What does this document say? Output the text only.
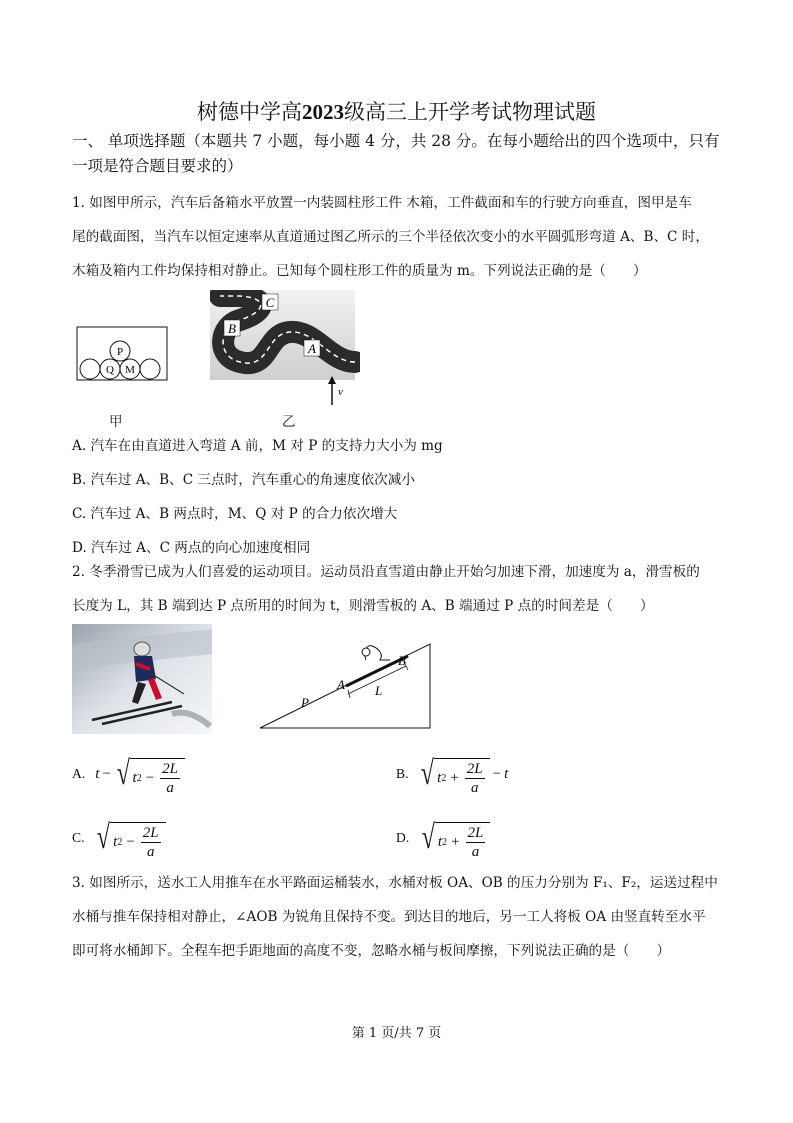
树德中学高2023级高三上开学考试物理试题
一、 单项选择题（本题共 7 小题，每小题 4 分，共 28 分。在每小题给出的四个选项中，只有
一项是符合题目要求的）
1. 如图甲所示，汽车后备箱水平放置一内装圆柱形工件 木箱，工件截面和车的行驶方向垂直，图甲是车
尾的截面图，当汽车以恒定速率从直道通过图乙所示的三个半径依次变小的水平圆弧形弯道 A、B、C 时，
木箱及箱内工件均保持相对静止。已知每个圆柱形工件的质量为 m。下列说法正确的是（　　）
P
Q M
甲
C
B
A
v
乙
A. 汽车在由直道进入弯道 A 前，M 对 P 的支持力大小为 mg
B. 汽车过 A、B、C 三点时，汽车重心的角速度依次减小
C. 汽车过 A、B 两点时，M、Q 对 P 的合力依次增大
D. 汽车过 A、C 两点的向心加速度相同
2. 冬季滑雪已成为人们喜爱的运动项目。运动员沿直雪道由静止开始匀加速下滑，加速度为 a，滑雪板的
长度为 L，其 B 端到达 P 点所用的时间为 t，则滑雪板的 A、B 端通过 P 点的时间差是（　　）
P
A
B
L
A. t − √ t $2 - \frac{2L}{a}$	B. √ t $2 + \frac{2L}{a} - t$
C. √ t $2 - \frac{2L}{a}$	D. √ t $2 + \frac{2L}{a}$
3. 如图所示，送水工人用推车在水平路面运桶装水，水桶对板 OA、OB 的压力分别为 F₁、F₂，运送过程中
水桶与推车保持相对静止，∠AOB 为锐角且保持不变。到达目的地后，另一工人将板 OA 由竖直转至水平
即可将水桶卸下。全程车把手距地面的高度不变，忽略水桶与板间摩擦，下列说法正确的是（　　）
第 1 页/共 7 页
